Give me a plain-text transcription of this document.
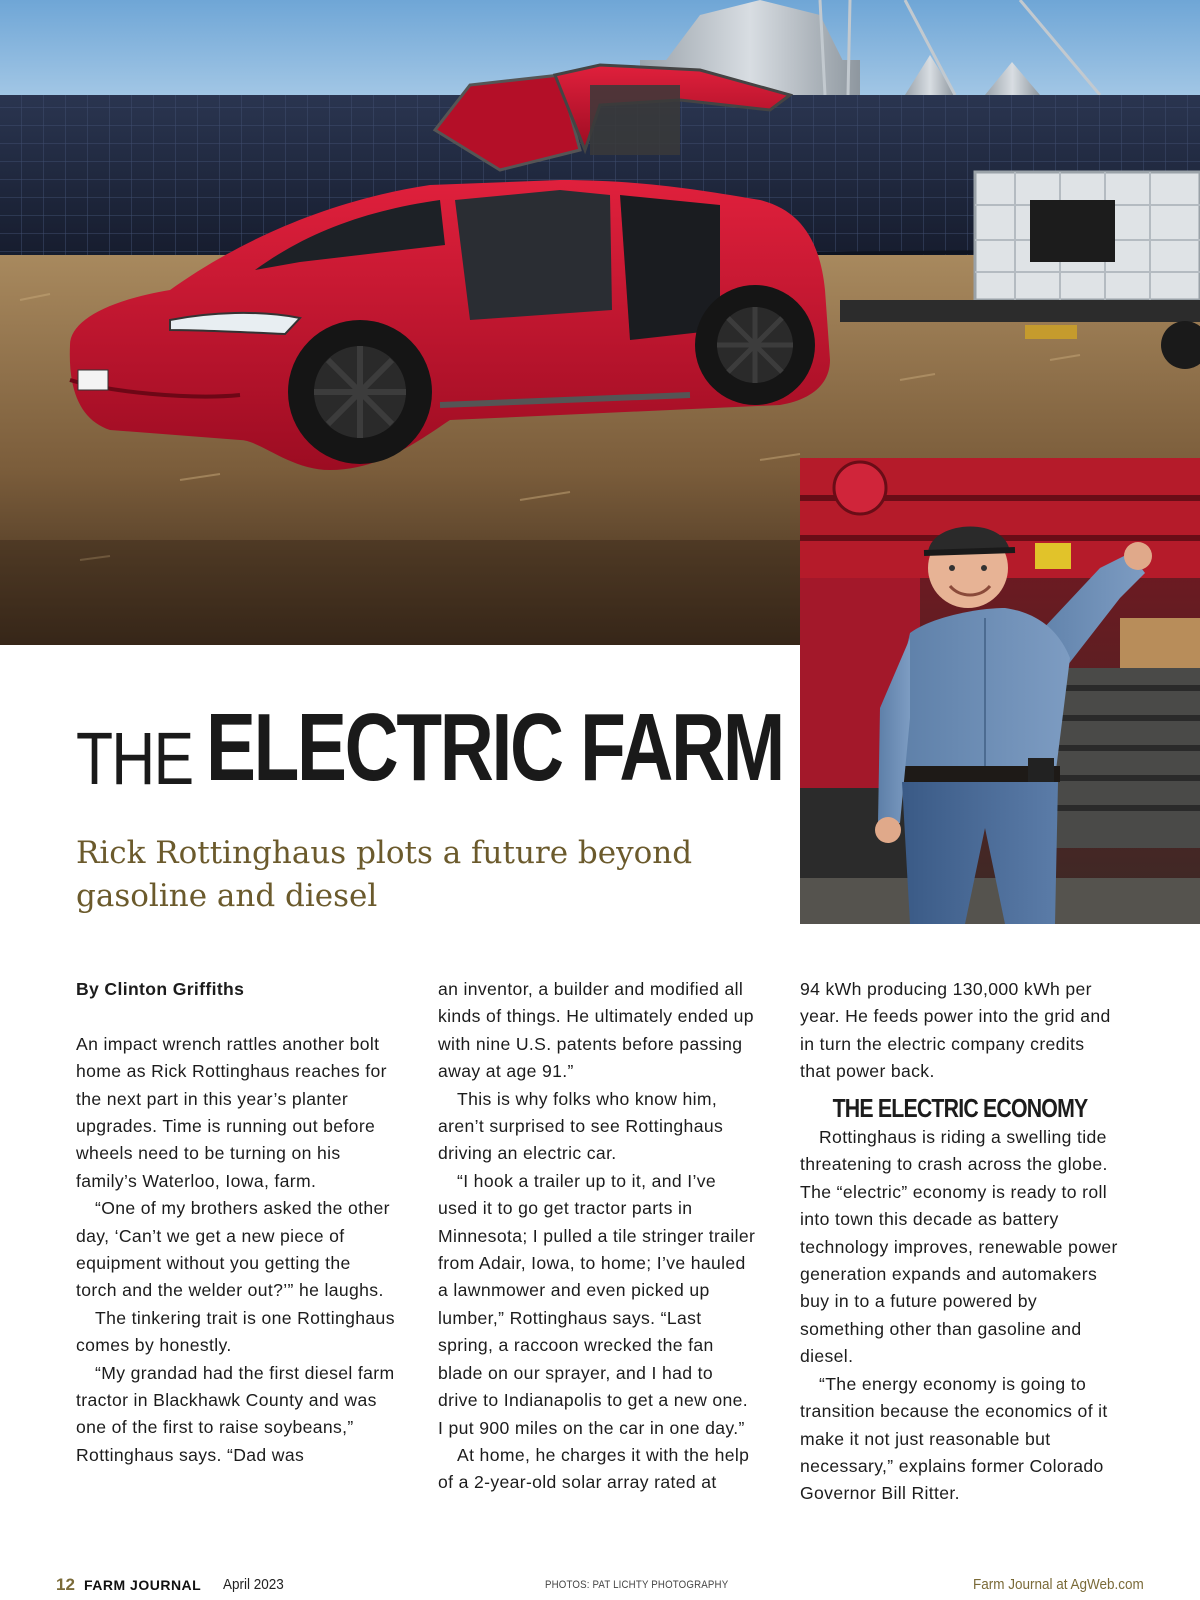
THE ELECTRIC FARM
Rick Rottinghaus plots a future beyond gasoline and diesel

By Clinton Griffiths

An impact wrench rattles another bolt home as Rick Rottinghaus reaches for the next part in this year’s planter upgrades. Time is running out before wheels need to be turning on his family’s Waterloo, Iowa, farm.

“One of my brothers asked the other day, ‘Can’t we get a new piece of equipment without you getting the torch and the welder out?’” he laughs.

The tinkering trait is one Rottinghaus comes by honestly.

“My grandad had the first diesel farm tractor in Blackhawk County and was one of the first to raise soybeans,” Rottinghaus says. “Dad was

an inventor, a builder and modified all kinds of things. He ultimately ended up with nine U.S. patents before passing away at age 91.”

This is why folks who know him, aren’t surprised to see Rottinghaus driving an electric car.

“I hook a trailer up to it, and I’ve used it to go get tractor parts in Minnesota; I pulled a tile stringer trailer from Adair, Iowa, to home; I’ve hauled a lawnmower and even picked up lumber,” Rottinghaus says. “Last spring, a raccoon wrecked the fan blade on our sprayer, and I had to drive to Indianapolis to get a new one. I put 900 miles on the car in one day.”

At home, he charges it with the help of a 2-year-old solar array rated at

94 kWh producing 130,000 kWh per year. He feeds power into the grid and in turn the electric company credits that power back.

THE ELECTRIC ECONOMY

Rottinghaus is riding a swelling tide threatening to crash across the globe. The “electric” economy is ready to roll into town this decade as battery technology improves, renewable power generation expands and automakers buy in to a future powered by something other than gasoline and diesel.

“The energy economy is going to transition because the economics of it make it not just reasonable but necessary,” explains former Colorado Governor Bill Ritter.

12 FARM JOURNAL April 2023	PHOTOS: PAT LICHTY PHOTOGRAPHY	Farm Journal at AgWeb.com
